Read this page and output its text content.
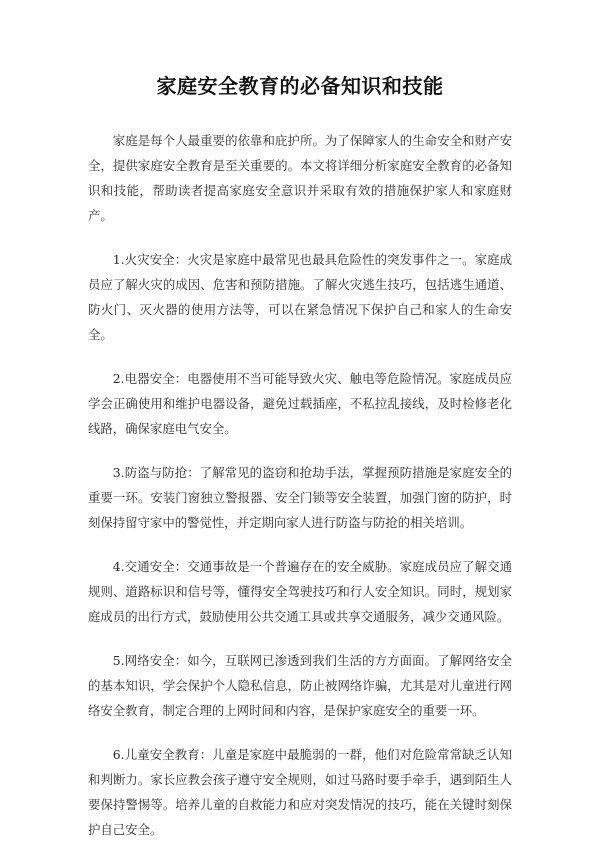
家庭安全教育的必备知识和技能

家庭是每个人最重要的依靠和庇护所。为了保障家人的生命安全和财产安全，提供家庭安全教育是至关重要的。本文将详细分析家庭安全教育的必备知识和技能，帮助读者提高家庭安全意识并采取有效的措施保护家人和家庭财产。

1.火灾安全：火灾是家庭中最常见也最具危险性的突发事件之一。家庭成员应了解火灾的成因、危害和预防措施。了解火灾逃生技巧，包括逃生通道、防火门、灭火器的使用方法等，可以在紧急情况下保护自己和家人的生命安全。

2.电器安全：电器使用不当可能导致火灾、触电等危险情况。家庭成员应学会正确使用和维护电器设备，避免过载插座，不私拉乱接线，及时检修老化线路，确保家庭电气安全。

3.防盗与防抢：了解常见的盗窃和抢劫手法，掌握预防措施是家庭安全的重要一环。安装门窗独立警报器、安全门锁等安全装置，加强门窗的防护，时刻保持留守家中的警觉性，并定期向家人进行防盗与防抢的相关培训。

4.交通安全：交通事故是一个普遍存在的安全威胁。家庭成员应了解交通规则、道路标识和信号等，懂得安全驾驶技巧和行人安全知识。同时，规划家庭成员的出行方式，鼓励使用公共交通工具或共享交通服务，减少交通风险。

5.网络安全：如今，互联网已渗透到我们生活的方方面面。了解网络安全的基本知识，学会保护个人隐私信息，防止被网络诈骗，尤其是对儿童进行网络安全教育，制定合理的上网时间和内容，是保护家庭安全的重要一环。

6.儿童安全教育：儿童是家庭中最脆弱的一群，他们对危险常常缺乏认知和判断力。家长应教会孩子遵守安全规则，如过马路时要手牵手，遇到陌生人要保持警惕等。培养儿童的自救能力和应对突发情况的技巧，能在关键时刻保护自己安全。
